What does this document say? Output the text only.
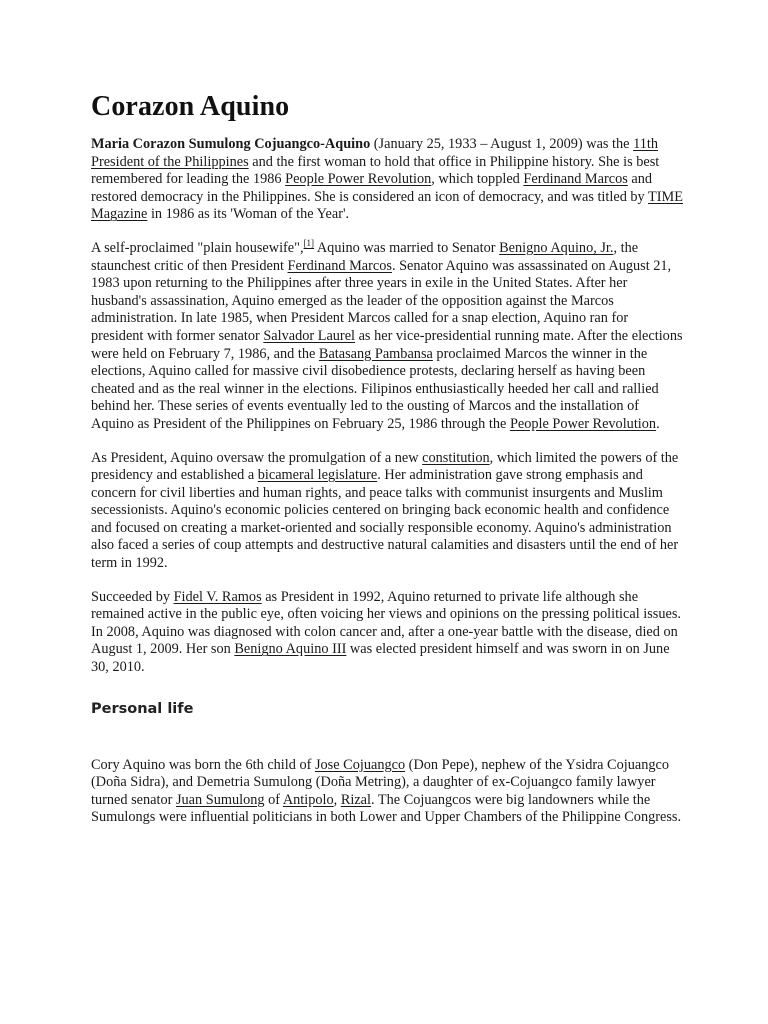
Corazon Aquino

Maria Corazon Sumulong Cojuangco-Aquino (January 25, 1933 – August 1, 2009) was the 11th President of the Philippines and the first woman to hold that office in Philippine history. She is best remembered for leading the 1986 People Power Revolution, which toppled Ferdinand Marcos and restored democracy in the Philippines. She is considered an icon of democracy, and was titled by TIME Magazine in 1986 as its 'Woman of the Year'.

A self-proclaimed "plain housewife",[1] Aquino was married to Senator Benigno Aquino, Jr., the staunchest critic of then President Ferdinand Marcos. Senator Aquino was assassinated on August 21, 1983 upon returning to the Philippines after three years in exile in the United States. After her husband's assassination, Aquino emerged as the leader of the opposition against the Marcos administration. In late 1985, when President Marcos called for a snap election, Aquino ran for president with former senator Salvador Laurel as her vice-presidential running mate. After the elections were held on February 7, 1986, and the Batasang Pambansa proclaimed Marcos the winner in the elections, Aquino called for massive civil disobedience protests, declaring herself as having been cheated and as the real winner in the elections. Filipinos enthusiastically heeded her call and rallied behind her. These series of events eventually led to the ousting of Marcos and the installation of Aquino as President of the Philippines on February 25, 1986 through the People Power Revolution.

As President, Aquino oversaw the promulgation of a new constitution, which limited the powers of the presidency and established a bicameral legislature. Her administration gave strong emphasis and concern for civil liberties and human rights, and peace talks with communist insurgents and Muslim secessionists. Aquino's economic policies centered on bringing back economic health and confidence and focused on creating a market-oriented and socially responsible economy. Aquino's administration also faced a series of coup attempts and destructive natural calamities and disasters until the end of her term in 1992.

Succeeded by Fidel V. Ramos as President in 1992, Aquino returned to private life although she remained active in the public eye, often voicing her views and opinions on the pressing political issues. In 2008, Aquino was diagnosed with colon cancer and, after a one-year battle with the disease, died on August 1, 2009. Her son Benigno Aquino III was elected president himself and was sworn in on June 30, 2010.

Personal life

Cory Aquino was born the 6th child of Jose Cojuangco (Don Pepe), nephew of the Ysidra Cojuangco (Doña Sidra), and Demetria Sumulong (Doña Metring), a daughter of ex-Cojuangco family lawyer turned senator Juan Sumulong of Antipolo, Rizal. The Cojuangcos were big landowners while the Sumulongs were influential politicians in both Lower and Upper Chambers of the Philippine Congress.
